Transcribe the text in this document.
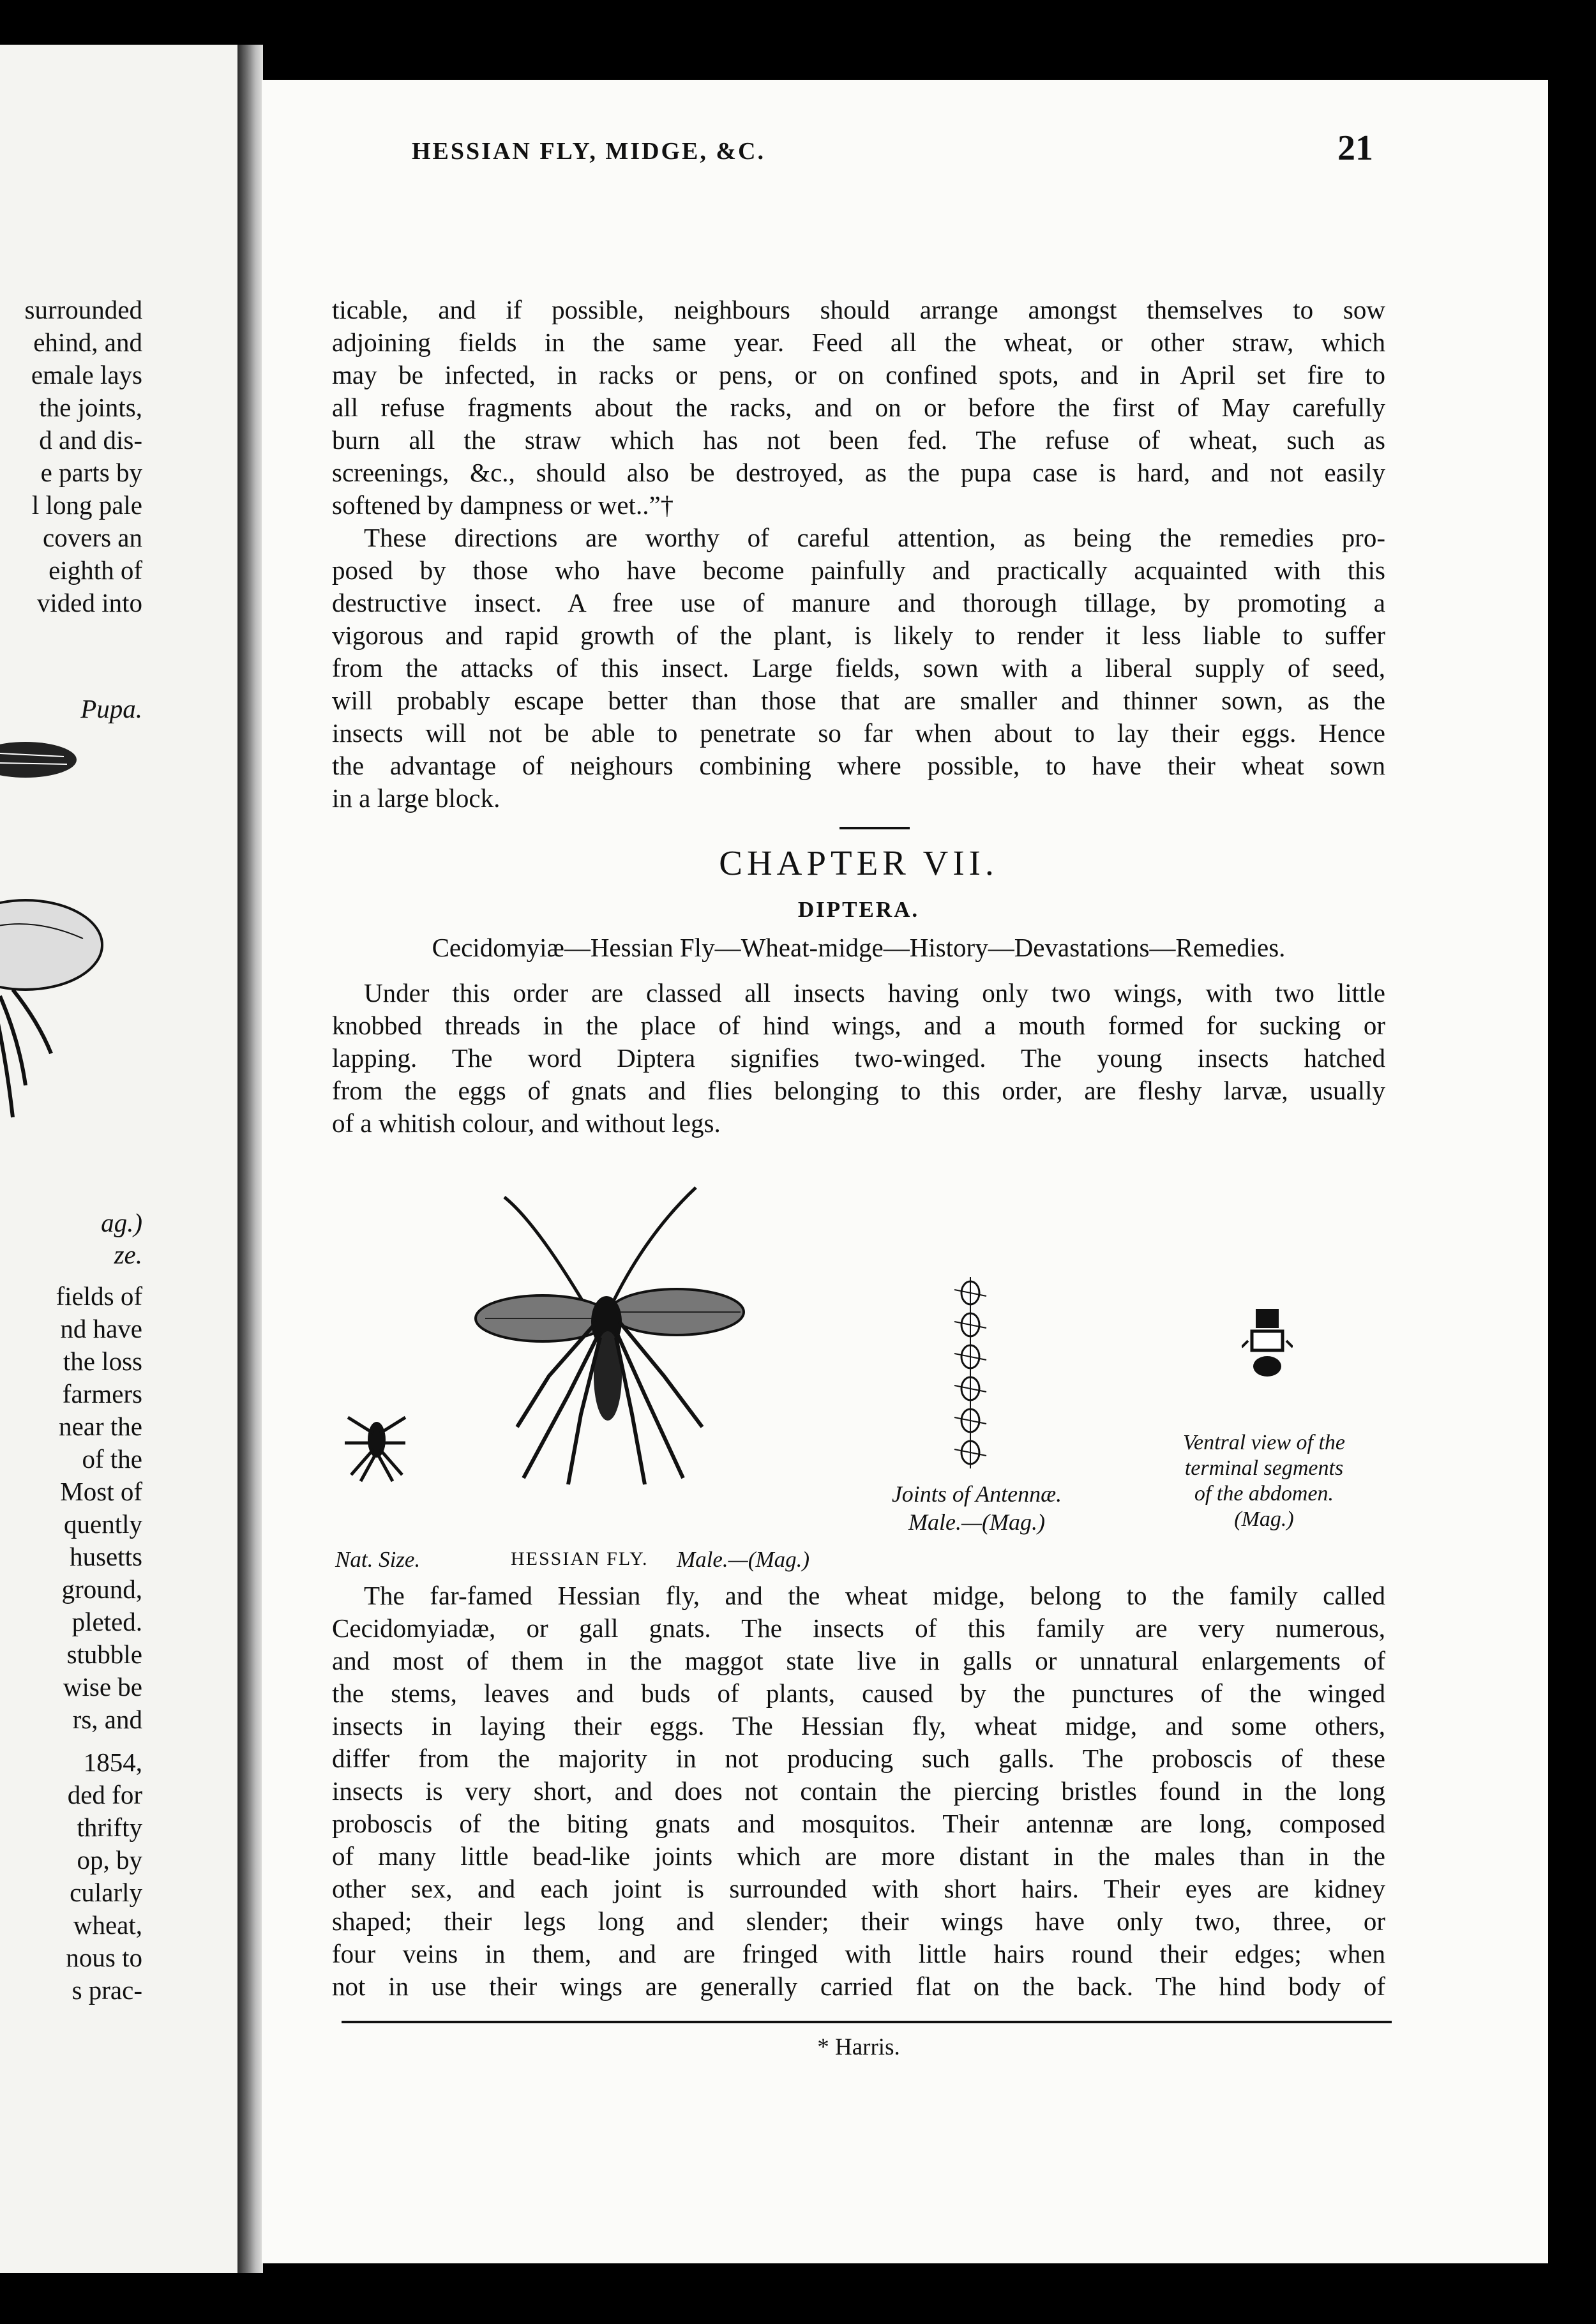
surrounded
ehind, and
emale lays
the joints,
d and dis-
e parts by
l long pale
covers an
eighth of
vided into
Pupa.
ag.)
ze.
fields of
nd have
the loss
farmers
near the
of the
Most of
quently
husetts
ground,
pleted.
stubble
wise be
rs, and
1854,
ded for
thrifty
op, by
cularly
wheat,
nous to
s prac-
HESSIAN FLY, MIDGE, &C.	21
ticable, and if possible, neighbours should arrange amongst themselves to sow
adjoining fields in the same year. Feed all the wheat, or other straw, which
may be infected, in racks or pens, or on confined spots, and in April set fire to
all refuse fragments about the racks, and on or before the first of May carefully
burn all the straw which has not been fed. The refuse of wheat, such as
screenings, &c., should also be destroyed, as the pupa case is hard, and not easily
softened by dampness or wet..”†
These directions are worthy of careful attention, as being the remedies pro-
posed by those who have become painfully and practically acquainted with this
destructive insect. A free use of manure and thorough tillage, by promoting a
vigorous and rapid growth of the plant, is likely to render it less liable to suffer
from the attacks of this insect. Large fields, sown with a liberal supply of seed,
will probably escape better than those that are smaller and thinner sown, as the
insects will not be able to penetrate so far when about to lay their eggs. Hence
the advantage of neighours combining where possible, to have their wheat sown
in a large block.
CHAPTER VII.
DIPTERA.
Cecidomyiæ—Hessian Fly—Wheat-midge—History—Devastations—Remedies.
Under this order are classed all insects having only two wings, with two little
knobbed threads in the place of hind wings, and a mouth formed for sucking or
lapping. The word Diptera signifies two-winged. The young insects hatched
from the eggs of gnats and flies belonging to this order, are fleshy larvæ, usually
of a whitish colour, and without legs.
Joints of Antennæ.
Male.—(Mag.)
Ventral view of the
terminal segments
of the abdomen.
(Mag.)
Nat. Size.	HESSIAN FLY. Male.—(Mag.)
The far-famed Hessian fly, and the wheat midge, belong to the family called
Cecidomyiadæ, or gall gnats. The insects of this family are very numerous,
and most of them in the maggot state live in galls or unnatural enlargements of
the stems, leaves and buds of plants, caused by the punctures of the winged
insects in laying their eggs. The Hessian fly, wheat midge, and some others,
differ from the majority in not producing such galls. The proboscis of these
insects is very short, and does not contain the piercing bristles found in the long
proboscis of the biting gnats and mosquitos. Their antennæ are long, composed
of many little bead-like joints which are more distant in the males than in the
other sex, and each joint is surrounded with short hairs. Their eyes are kidney
shaped; their legs long and slender; their wings have only two, three, or
four veins in them, and are fringed with little hairs round their edges; when
not in use their wings are generally carried flat on the back. The hind body of
* Harris.
